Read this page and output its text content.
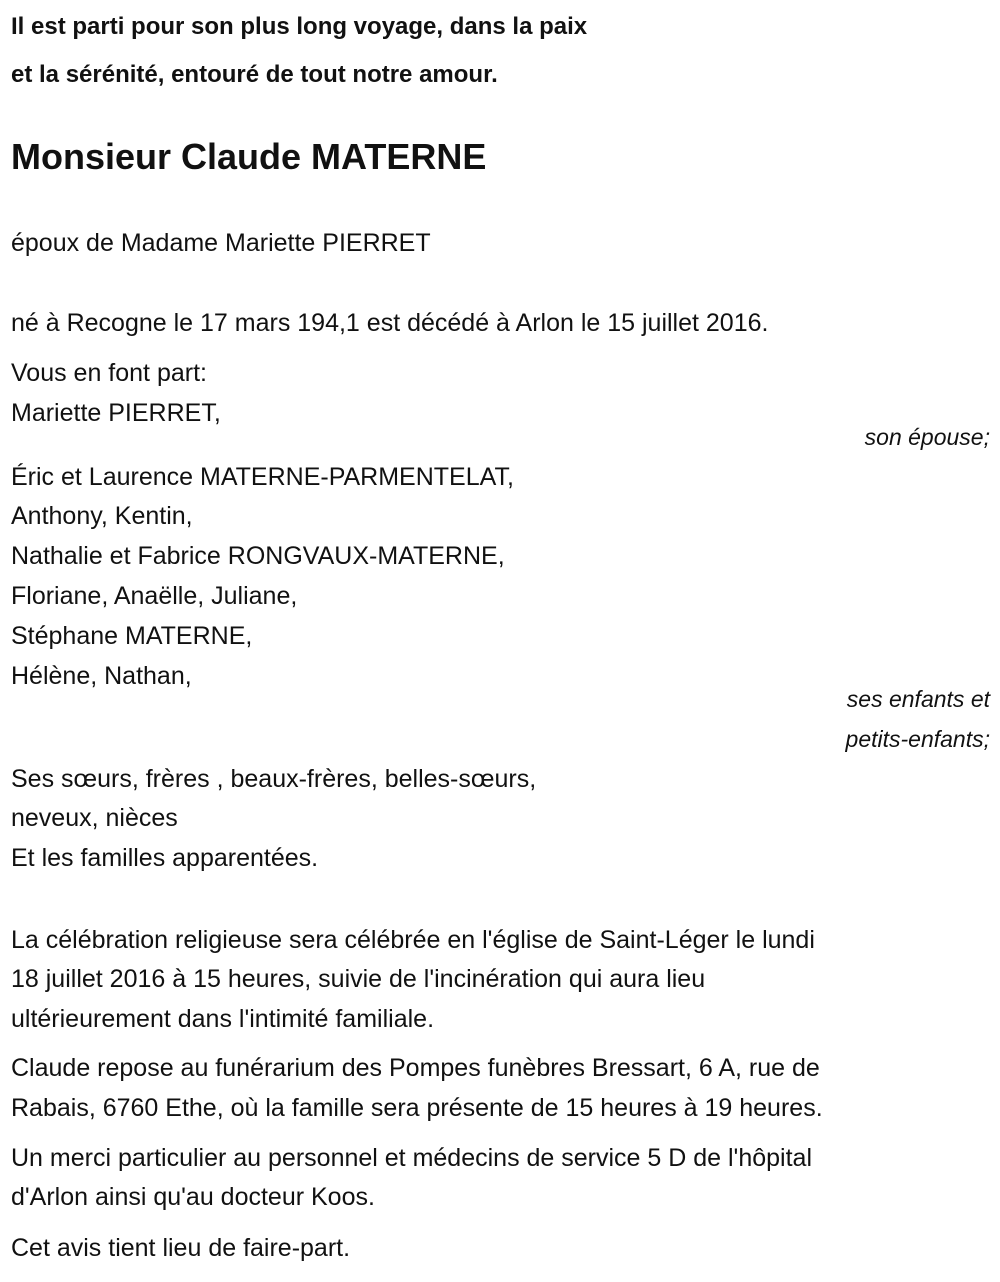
Il est parti pour son plus long voyage, dans la paix
et la sérénité, entouré de tout notre amour.
Monsieur Claude MATERNE
époux de Madame Mariette PIERRET
né à Recogne le 17 mars 194,1 est décédé à Arlon le 15 juillet 2016.
Vous en font part:
Mariette PIERRET,
son épouse;
Éric et Laurence MATERNE-PARMENTELAT,
Anthony, Kentin,
Nathalie et Fabrice RONGVAUX-MATERNE,
Floriane, Anaëlle, Juliane,
Stéphane MATERNE,
Hélène, Nathan,
ses enfants et
petits-enfants;
Ses sœurs, frères , beaux-frères, belles-sœurs,
neveux, nièces
Et les familles apparentées.
La célébration religieuse sera célébrée en l'église de Saint-Léger le lundi
18 juillet 2016 à 15 heures, suivie de l'incinération qui aura lieu
ultérieurement dans l'intimité familiale.
Claude repose au funérarium des Pompes funèbres Bressart, 6 A, rue de
Rabais, 6760 Ethe, où la famille sera présente de 15 heures à 19 heures.
Un merci particulier au personnel et médecins de service 5 D de l'hôpital
d'Arlon ainsi qu'au docteur Koos.
Cet avis tient lieu de faire-part.
